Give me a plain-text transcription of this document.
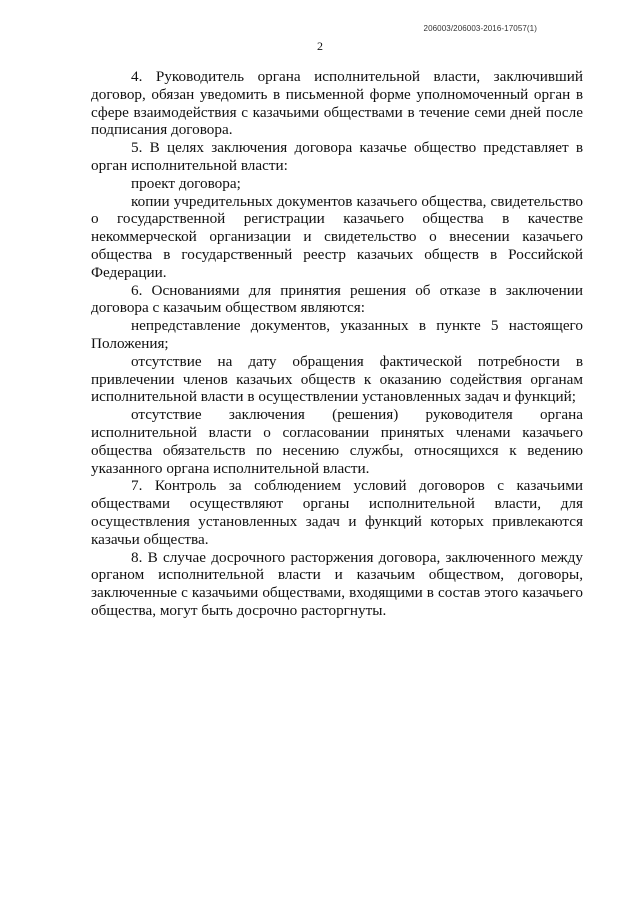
206003/206003-2016-17057(1)
2

4. Руководитель органа исполнительной власти, заключивший договор, обязан уведомить в письменной форме уполномоченный орган в сфере взаимодействия с казачьими обществами в течение семи дней после подписания договора.

5. В целях заключения договора казачье общество представляет в орган исполнительной власти:

проект договора;

копии учредительных документов казачьего общества, свидетельство о государственной регистрации казачьего общества в качестве некоммерческой организации и свидетельство о внесении казачьего общества в государственный реестр казачьих обществ в Российской Федерации.

6. Основаниями для принятия решения об отказе в заключении договора с казачьим обществом являются:

непредставление документов, указанных в пункте 5 настоящего Положения;

отсутствие на дату обращения фактической потребности в привлечении членов казачьих обществ к оказанию содействия органам исполнительной власти в осуществлении установленных задач и функций;

отсутствие заключения (решения) руководителя органа исполнительной власти о согласовании принятых членами казачьего общества обязательств по несению службы, относящихся к ведению указанного органа исполнительной власти.

7. Контроль за соблюдением условий договоров с казачьими обществами осуществляют органы исполнительной власти, для осуществления установленных задач и функций которых привлекаются казачьи общества.

8. В случае досрочного расторжения договора, заключенного между органом исполнительной власти и казачьим обществом, договоры, заключенные с казачьими обществами, входящими в состав этого казачьего общества, могут быть досрочно расторгнуты.
